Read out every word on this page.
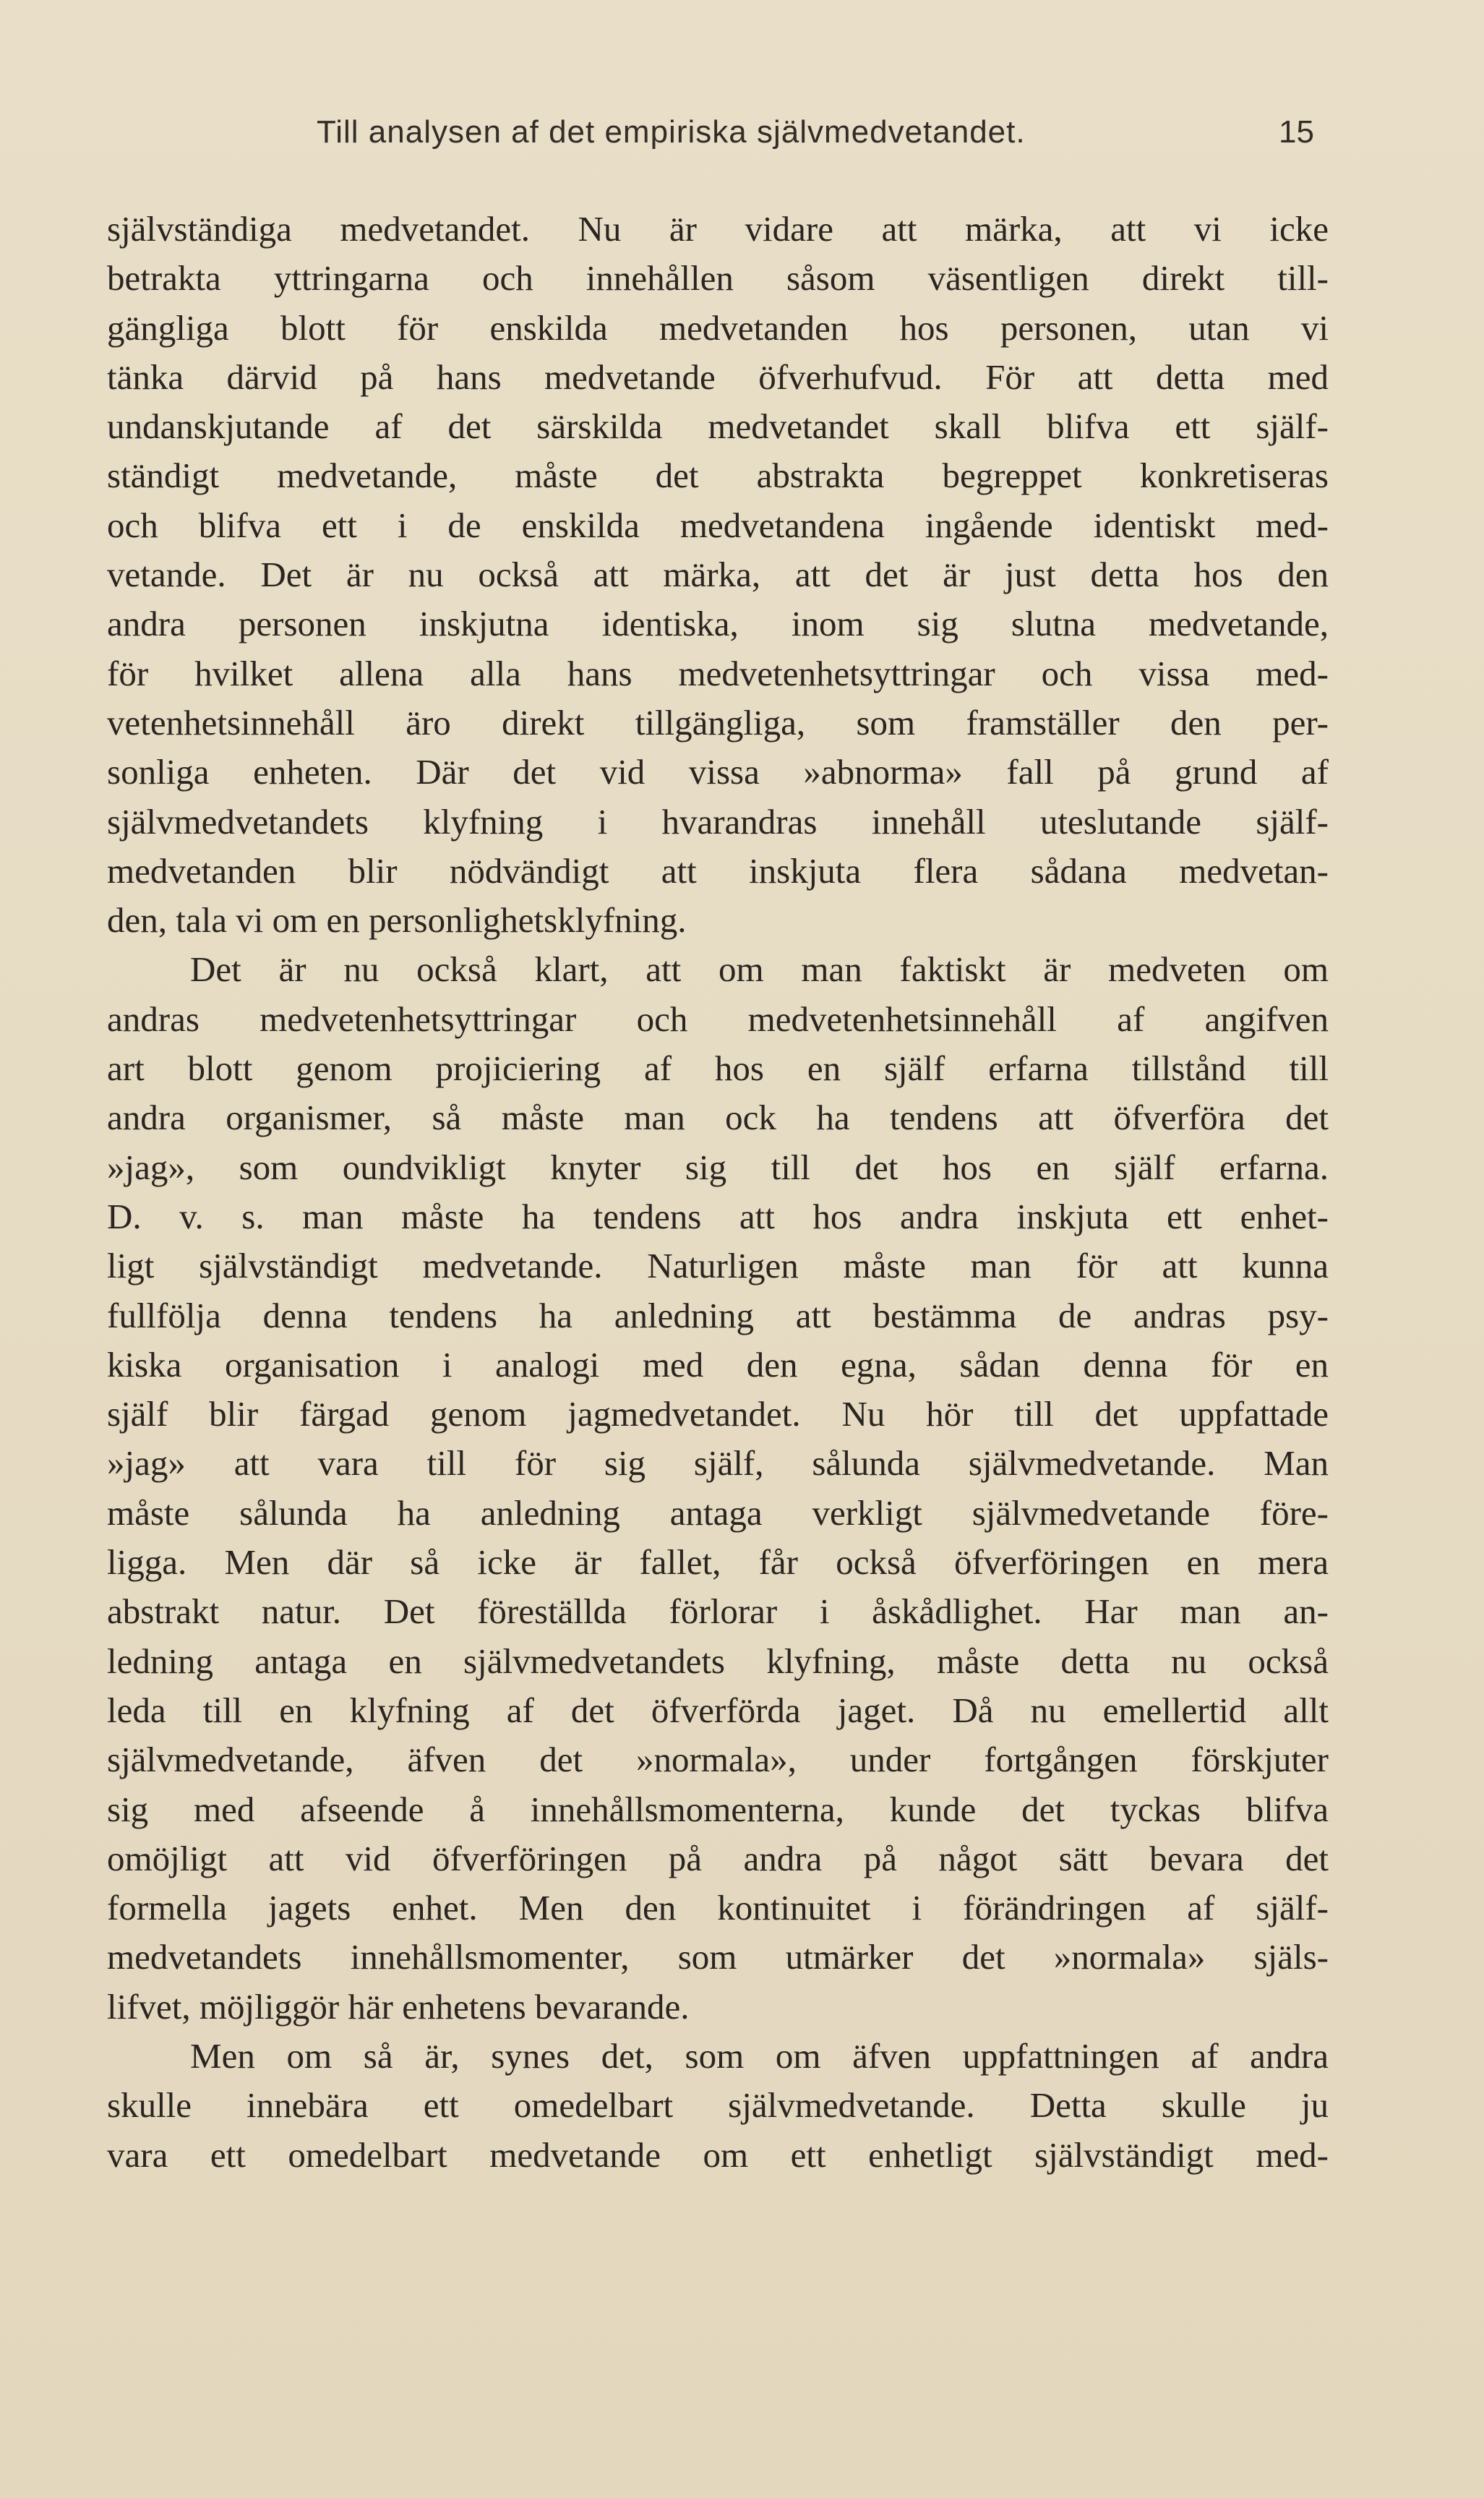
Till analysen af det empiriska självmedvetandet.	15
självständiga medvetandet. Nu är vidare att märka, att vi icke
betrakta yttringarna och innehållen såsom väsentligen direkt till-
gängliga blott för enskilda medvetanden hos personen, utan vi
tänka därvid på hans medvetande öfverhufvud. För att detta med
undanskjutande af det särskilda medvetandet skall blifva ett själf-
ständigt medvetande, måste det abstrakta begreppet konkretiseras
och blifva ett i de enskilda medvetandena ingående identiskt med-
vetande. Det är nu också att märka, att det är just detta hos den
andra personen inskjutna identiska, inom sig slutna medvetande,
för hvilket allena alla hans medvetenhetsyttringar och vissa med-
vetenhetsinnehåll äro direkt tillgängliga, som framställer den per-
sonliga enheten. Där det vid vissa »abnorma» fall på grund af
självmedvetandets klyfning i hvarandras innehåll uteslutande själf-
medvetanden blir nödvändigt att inskjuta flera sådana medvetan-
den, tala vi om en personlighetsklyfning.
Det är nu också klart, att om man faktiskt är medveten om
andras medvetenhetsyttringar och medvetenhetsinnehåll af angifven
art blott genom projiciering af hos en själf erfarna tillstånd till
andra organismer, så måste man ock ha tendens att öfverföra det
»jag», som oundvikligt knyter sig till det hos en själf erfarna.
D. v. s. man måste ha tendens att hos andra inskjuta ett enhet-
ligt självständigt medvetande. Naturligen måste man för att kunna
fullfölja denna tendens ha anledning att bestämma de andras psy-
kiska organisation i analogi med den egna, sådan denna för en
själf blir färgad genom jagmedvetandet. Nu hör till det uppfattade
»jag» att vara till för sig själf, sålunda självmedvetande. Man
måste sålunda ha anledning antaga verkligt självmedvetande före-
ligga. Men där så icke är fallet, får också öfverföringen en mera
abstrakt natur. Det föreställda förlorar i åskådlighet. Har man an-
ledning antaga en självmedvetandets klyfning, måste detta nu också
leda till en klyfning af det öfverförda jaget. Då nu emellertid allt
självmedvetande, äfven det »normala», under fortgången förskjuter
sig med afseende å innehållsmomenterna, kunde det tyckas blifva
omöjligt att vid öfverföringen på andra på något sätt bevara det
formella jagets enhet. Men den kontinuitet i förändringen af själf-
medvetandets innehållsmomenter, som utmärker det »normala» själs-
lifvet, möjliggör här enhetens bevarande.
Men om så är, synes det, som om äfven uppfattningen af andra
skulle innebära ett omedelbart självmedvetande. Detta skulle ju
vara ett omedelbart medvetande om ett enhetligt självständigt med-
